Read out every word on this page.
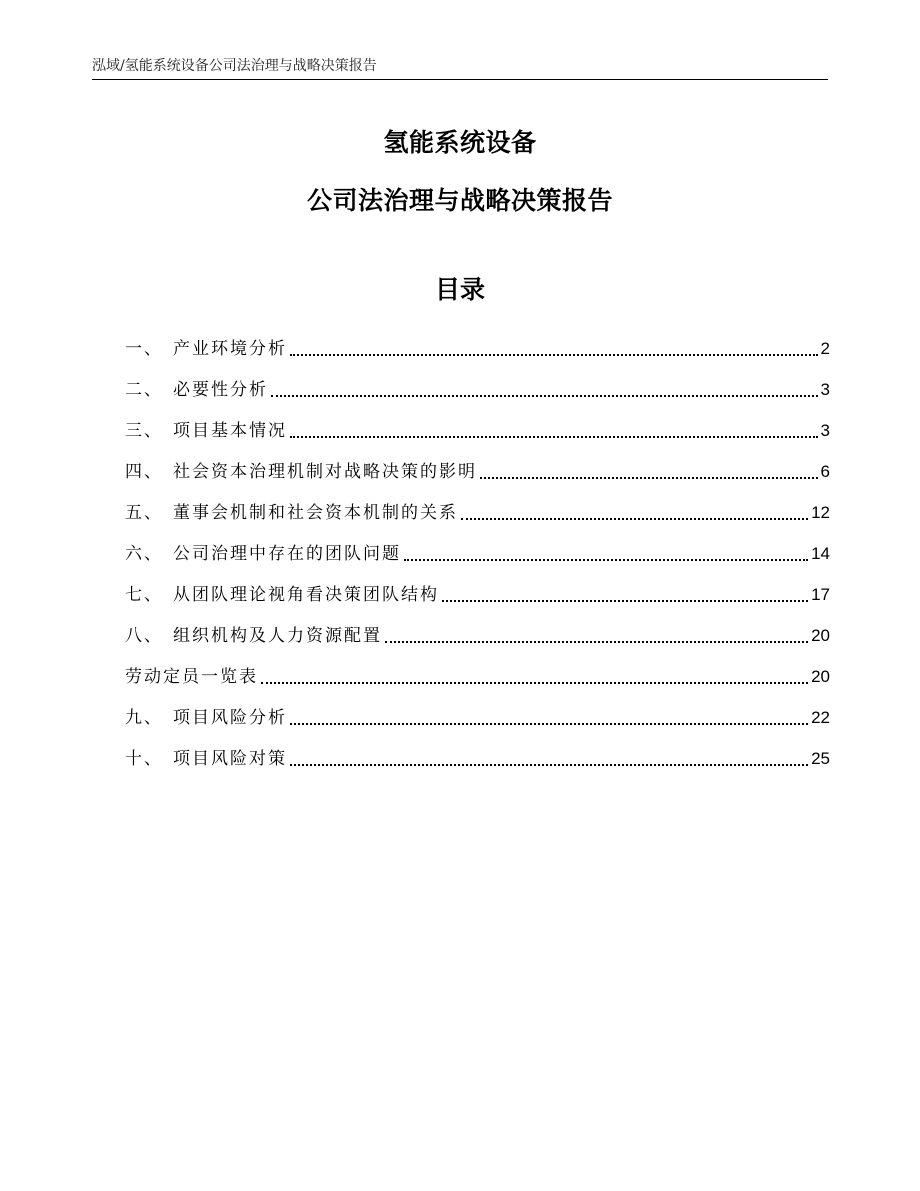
泓域/氢能系统设备公司法治理与战略决策报告
氢能系统设备
公司法治理与战略决策报告
目录
一、 产业环境分析	2
二、 必要性分析	3
三、 项目基本情况	3
四、 社会资本治理机制对战略决策的影明	6
五、 董事会机制和社会资本机制的关系	12
六、 公司治理中存在的团队问题	14
七、 从团队理论视角看决策团队结构	17
八、 组织机构及人力资源配置	20
劳动定员一览表	20
九、 项目风险分析	22
十、 项目风险对策	25
